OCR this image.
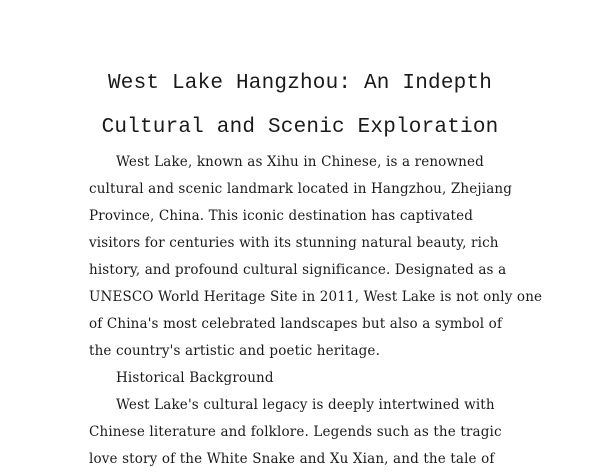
West Lake Hangzhou: An Indepth
Cultural and Scenic Exploration
West Lake, known as Xihu in Chinese, is a renowned
cultural and scenic landmark located in Hangzhou, Zhejiang
Province, China. This iconic destination has captivated
visitors for centuries with its stunning natural beauty, rich
history, and profound cultural significance. Designated as a
UNESCO World Heritage Site in 2011, West Lake is not only one
of China's most celebrated landscapes but also a symbol of
the country's artistic and poetic heritage.
Historical Background
West Lake's cultural legacy is deeply intertwined with
Chinese literature and folklore. Legends such as the tragic
love story of the White Snake and Xu Xian, and the tale of
